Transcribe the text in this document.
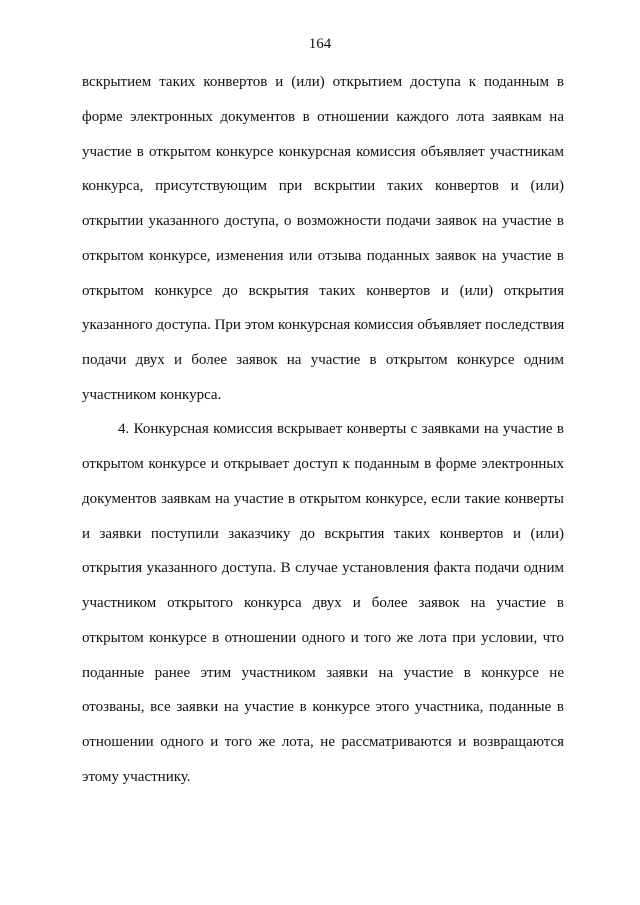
164
вскрытием таких конвертов и (или) открытием доступа к поданным в
форме электронных документов в отношении каждого лота заявкам на
участие в открытом конкурсе конкурсная комиссия объявляет участникам
конкурса, присутствующим при вскрытии таких конвертов и (или)
открытии указанного доступа, о возможности подачи заявок на участие в
открытом конкурсе, изменения или отзыва поданных заявок на участие в
открытом конкурсе до вскрытия таких конвертов и (или) открытия
указанного доступа. При этом конкурсная комиссия объявляет последствия
подачи двух и более заявок на участие в открытом конкурсе одним
участником конкурса.
4. Конкурсная комиссия вскрывает конверты с заявками на участие в
открытом конкурсе и открывает доступ к поданным в форме электронных
документов заявкам на участие в открытом конкурсе, если такие конверты
и заявки поступили заказчику до вскрытия таких конвертов и (или)
открытия указанного доступа. В случае установления факта подачи одним
участником открытого конкурса двух и более заявок на участие в
открытом конкурсе в отношении одного и того же лота при условии, что
поданные ранее этим участником заявки на участие в конкурсе не
отозваны, все заявки на участие в конкурсе этого участника, поданные в
отношении одного и того же лота, не рассматриваются и возвращаются
этому участнику.
